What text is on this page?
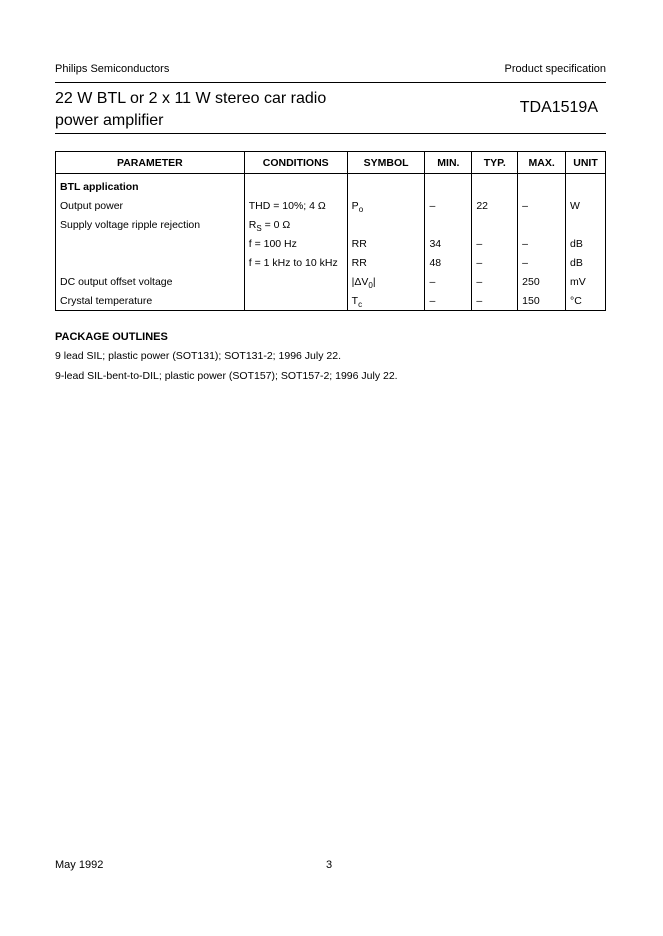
Philips Semiconductors	Product specification
22 W BTL or 2 x 11 W stereo car radio
power amplifier
TDA1519A
PARAMETER	CONDITIONS	SYMBOL	MIN.	TYP.	MAX.	UNIT
BTL application						
Output power	THD = 10%; 4 Ω	$P_o$	–	22	–	W
Supply voltage ripple rejection	$R_S = 0$ Ω					
	f = 100 Hz	RR	34	–	–	dB
	f = 1 kHz to 10 kHz	RR	48	–	–	dB
DC output offset voltage		$|\Delta V_0|$	–	–	250	mV
Crystal temperature		$T_c$	–	–	150	°C
PACKAGE OUTLINES
9 lead SIL; plastic power (SOT131); SOT131-2; 1996 July 22.
9-lead SIL-bent-to-DIL; plastic power (SOT157); SOT157-2; 1996 July 22.
May 1992	3
